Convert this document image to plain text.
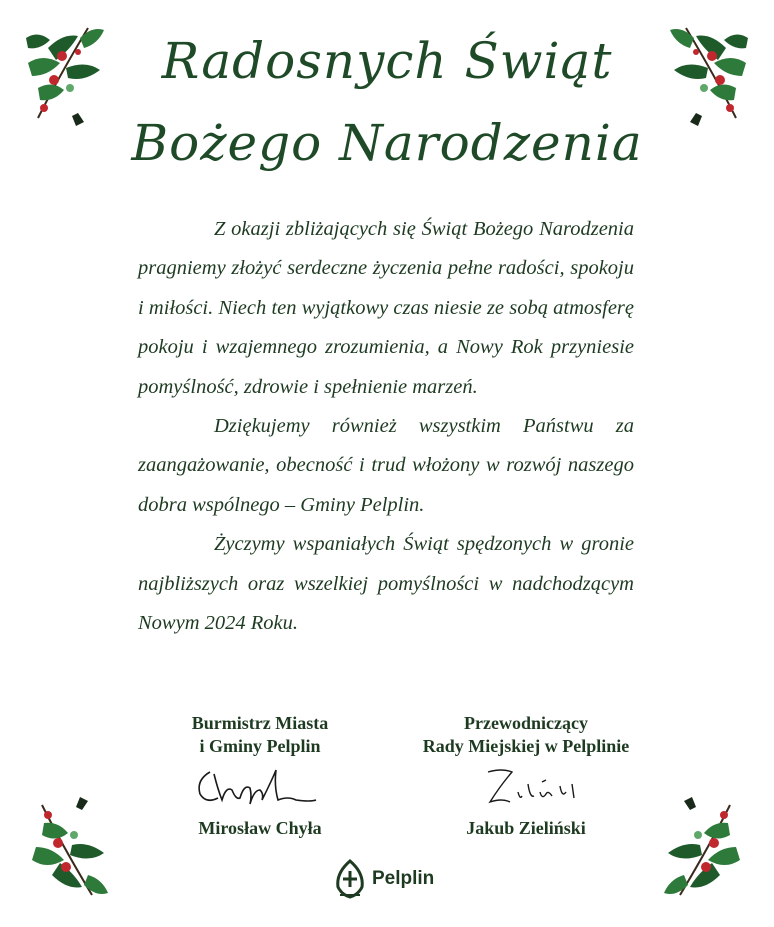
Radosnych Świąt
Bożego Narodzenia

Z okazji zbliżających się Świąt Bożego Narodzenia pragniemy złożyć serdeczne życzenia pełne radości, spokoju i miłości. Niech ten wyjątkowy czas niesie ze sobą atmosferę pokoju i wzajemnego zrozumienia, a Nowy Rok przyniesie pomyślność, zdrowie i spełnienie marzeń.

Dziękujemy również wszystkim Państwu za zaangażowanie, obecność i trud włożony w rozwój naszego dobra wspólnego – Gminy Pelplin.

Życzymy wspaniałych Świąt spędzonych w gronie najbliższych oraz wszelkiej pomyślności w nadchodzącym Nowym 2024 Roku.

Burmistrz Miasta
i Gminy Pelplin
Mirosław Chyła
Przewodniczący
Rady Miejskiej w Pelplinie
Jakub Zieliński
Pelplin
